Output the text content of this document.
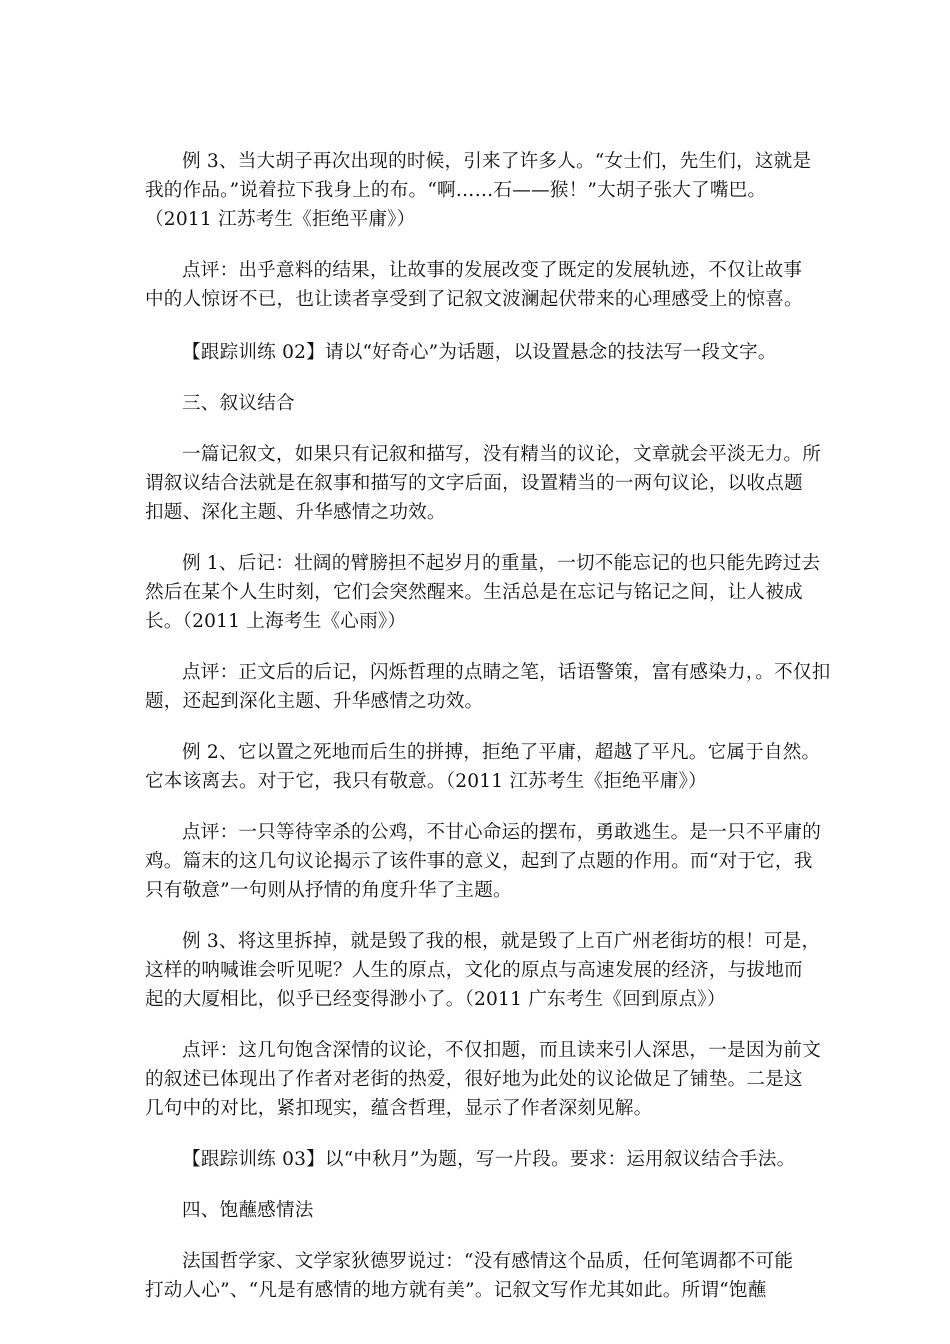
例 3、当大胡子再次出现的时候，引来了许多人。“女士们，先生们，这就是
我的作品。”说着拉下我身上的布。“啊……石——猴！”大胡子张大了嘴巴。
（2011 江苏考生《拒绝平庸》）
点评：出乎意料的结果，让故事的发展改变了既定的发展轨迹，不仅让故事
中的人惊讶不已，也让读者享受到了记叙文波澜起伏带来的心理感受上的惊喜。
【跟踪训练 02】请以“好奇心”为话题，以设置悬念的技法写一段文字。
三、叙议结合
一篇记叙文，如果只有记叙和描写，没有精当的议论，文章就会平淡无力。所
谓叙议结合法就是在叙事和描写的文字后面，设置精当的一两句议论，以收点题
扣题、深化主题、升华感情之功效。
例 1、后记：壮阔的臂膀担不起岁月的重量，一切不能忘记的也只能先跨过去
然后在某个人生时刻，它们会突然醒来。生活总是在忘记与铭记之间，让人被成
长。（2011 上海考生《心雨》）
点评：正文后的后记，闪烁哲理的点睛之笔，话语警策，富有感染力，。不仅扣
题，还起到深化主题、升华感情之功效。
例 2、它以置之死地而后生的拼搏，拒绝了平庸，超越了平凡。它属于自然。
它本该离去。对于它，我只有敬意。（2011 江苏考生《拒绝平庸》）
点评：一只等待宰杀的公鸡，不甘心命运的摆布，勇敢逃生。是一只不平庸的
鸡。篇末的这几句议论揭示了该件事的意义，起到了点题的作用。而“对于它，我
只有敬意”一句则从抒情的角度升华了主题。
例 3、将这里拆掉，就是毁了我的根，就是毁了上百广州老街坊的根！可是，
这样的呐喊谁会听见呢？人生的原点，文化的原点与高速发展的经济，与拔地而
起的大厦相比，似乎已经变得渺小了。（2011 广东考生《回到原点》）
点评：这几句饱含深情的议论，不仅扣题，而且读来引人深思，一是因为前文
的叙述已体现出了作者对老街的热爱，很好地为此处的议论做足了铺垫。二是这
几句中的对比，紧扣现实，蕴含哲理，显示了作者深刻见解。
【跟踪训练 03】以“中秋月”为题，写一片段。要求：运用叙议结合手法。
四、饱蘸感情法
法国哲学家、文学家狄德罗说过：“没有感情这个品质，任何笔调都不可能
打动人心”、“凡是有感情的地方就有美”。记叙文写作尤其如此。所谓“饱蘸
